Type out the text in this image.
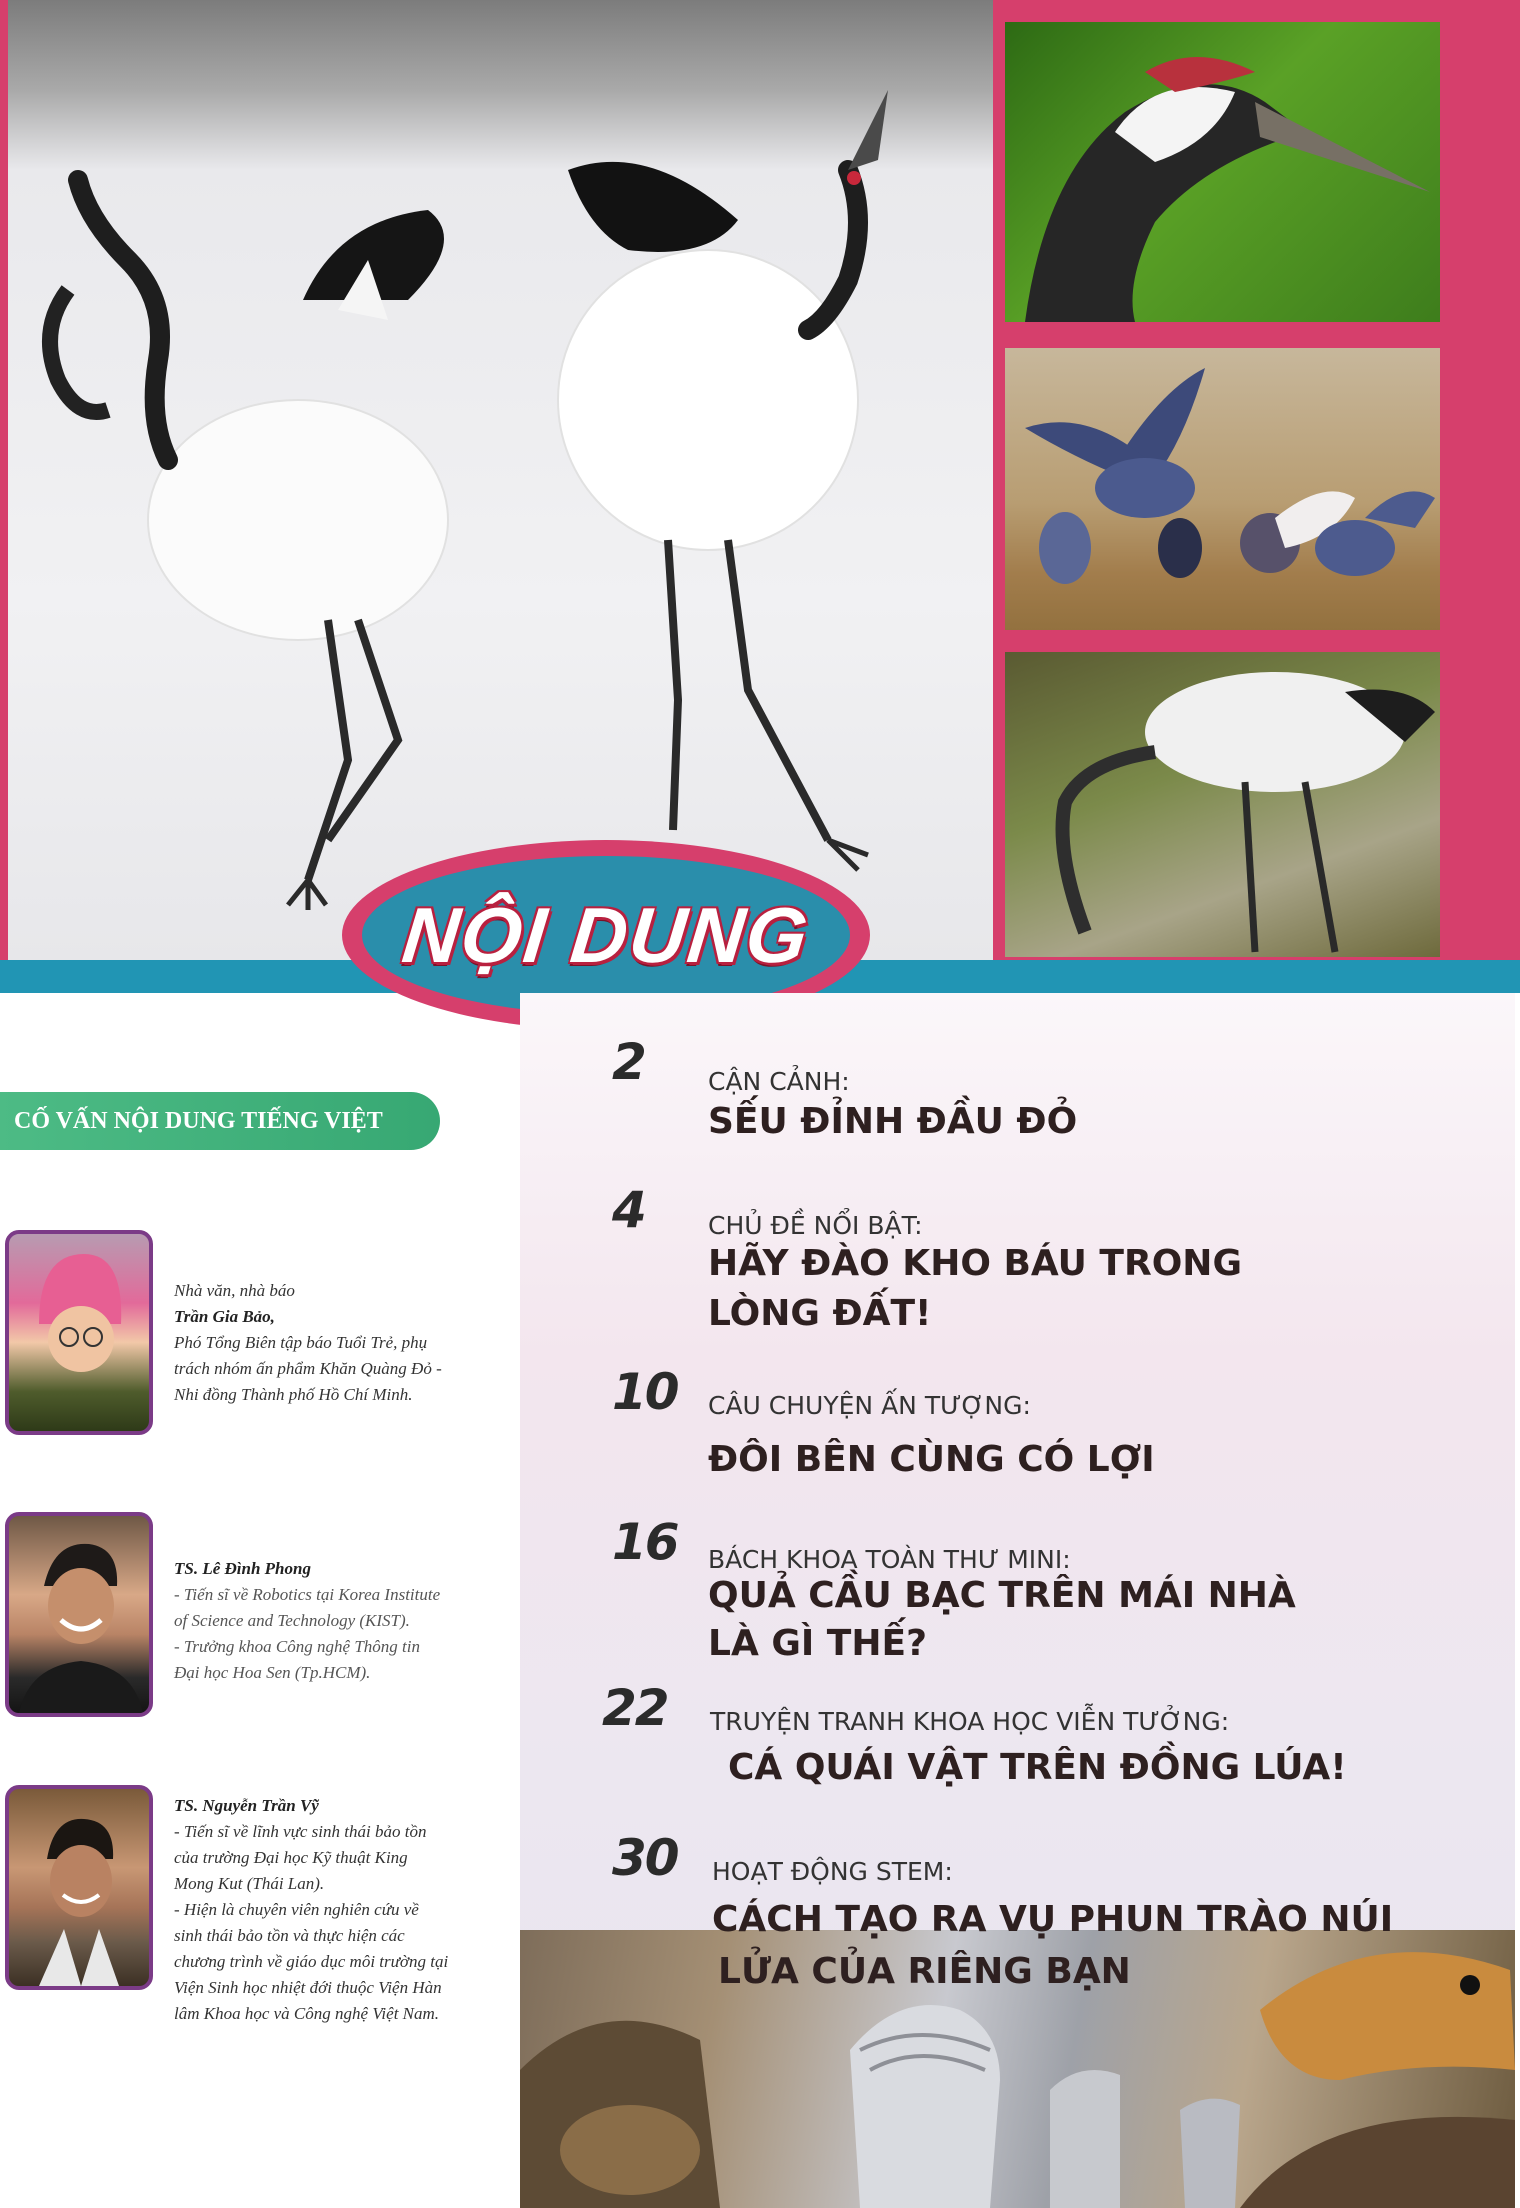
NỘI DUNG
CỐ VẤN NỘI DUNG TIẾNG VIỆT
Nhà văn, nhà báo
Trần Gia Bảo,
Phó Tổng Biên tập báo Tuổi Trẻ, phụ
trách nhóm ấn phẩm Khăn Quàng Đỏ -
Nhi đồng Thành phố Hồ Chí Minh.
TS. Lê Đình Phong
- Tiến sĩ về Robotics tại Korea Institute
of Science and Technology (KIST).
- Trưởng khoa Công nghệ Thông tin
Đại học Hoa Sen (Tp.HCM).
TS. Nguyễn Trần Vỹ
- Tiến sĩ về lĩnh vực sinh thái bảo tồn
của trường Đại học Kỹ thuật King
Mong Kut (Thái Lan).
- Hiện là chuyên viên nghiên cứu về
sinh thái bảo tồn và thực hiện các
chương trình về giáo dục môi trường tại
Viện Sinh học nhiệt đới thuộc Viện Hàn
lâm Khoa học và Công nghệ Việt Nam.
2	CẬN CẢNH:
SẾU ĐỈNH ĐẦU ĐỎ
4	CHỦ ĐỀ NỔI BẬT:
HÃY ĐÀO KHO BÁU TRONG
LÒNG ĐẤT!
10 CÂU CHUYỆN ẤN TƯỢNG:
ĐÔI BÊN CÙNG CÓ LỢI
16 BÁCH KHOA TOÀN THƯ MINI:
QUẢ CẦU BẠC TRÊN MÁI NHÀ
LÀ GÌ THẾ?
22 TRUYỆN TRANH KHOA HỌC VIỄN TƯỞNG:
CÁ QUÁI VẬT TRÊN ĐỒNG LÚA!
30 HOẠT ĐỘNG STEM:
CÁCH TẠO RA VỤ PHUN TRÀO NÚI
LỬA CỦA RIÊNG BẠN
